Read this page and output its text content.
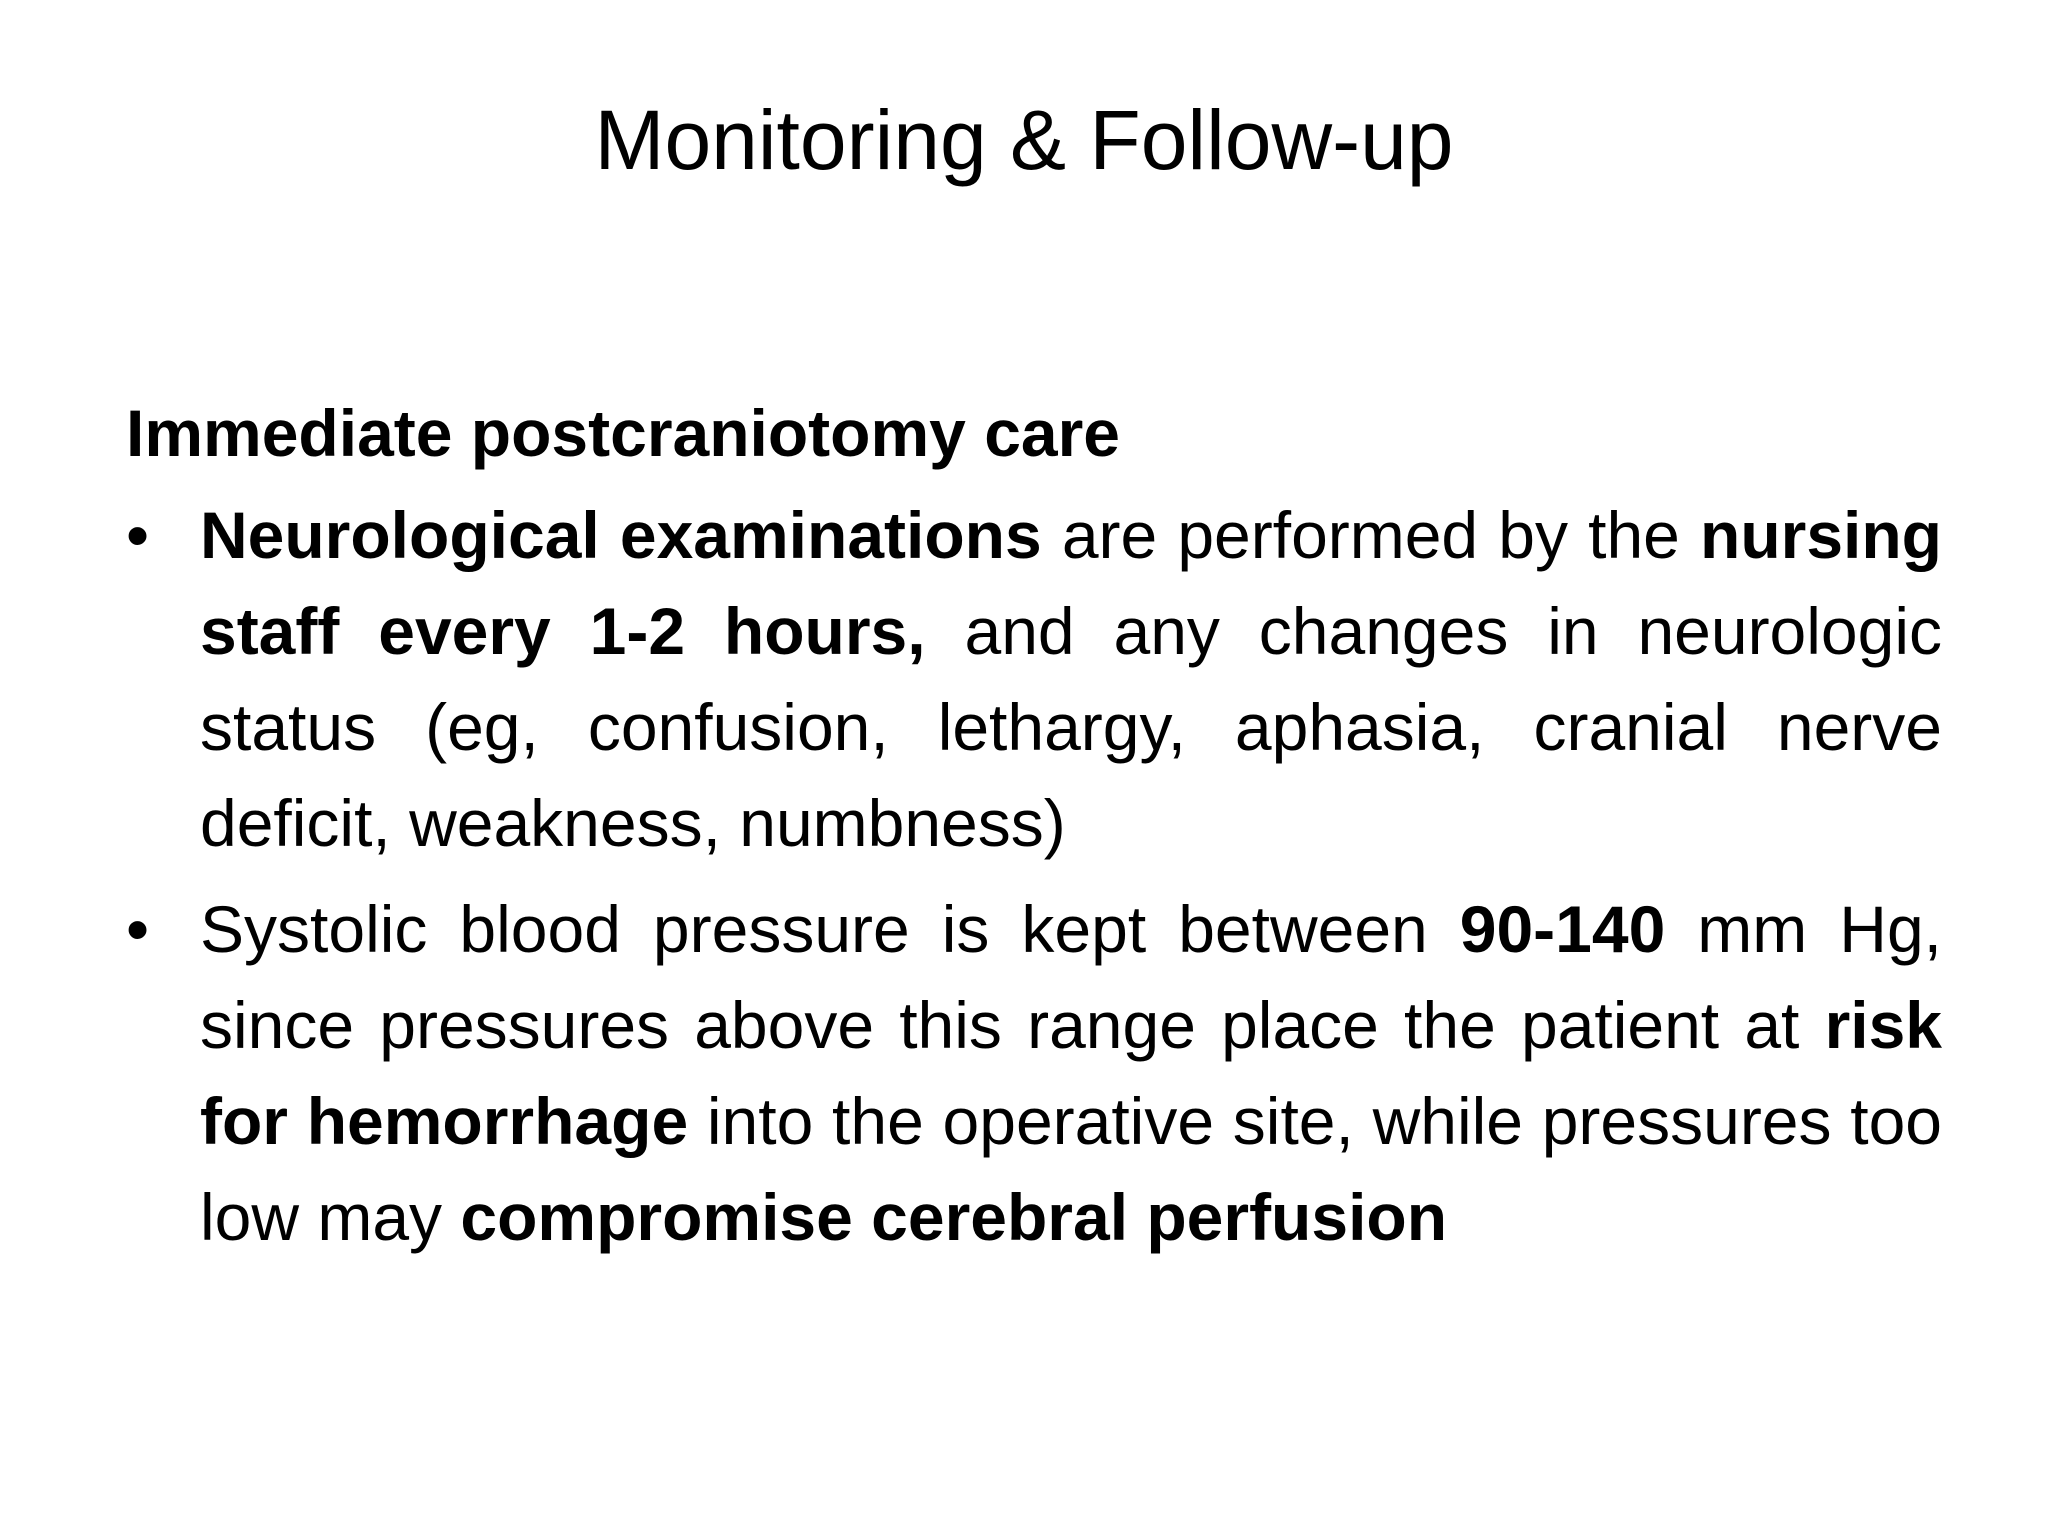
Monitoring & Follow-up
Immediate postcraniotomy care
• Neurological examinations are performed by the nursing staff every 1-2 hours, and any changes in neurologic status (eg, confusion, lethargy, aphasia, cranial nerve deficit, weakness, numbness)
• Systolic blood pressure is kept between 90-140 mm Hg, since pressures above this range place the patient at risk for hemorrhage into the operative site, while pressures too low may compromise cerebral perfusion
